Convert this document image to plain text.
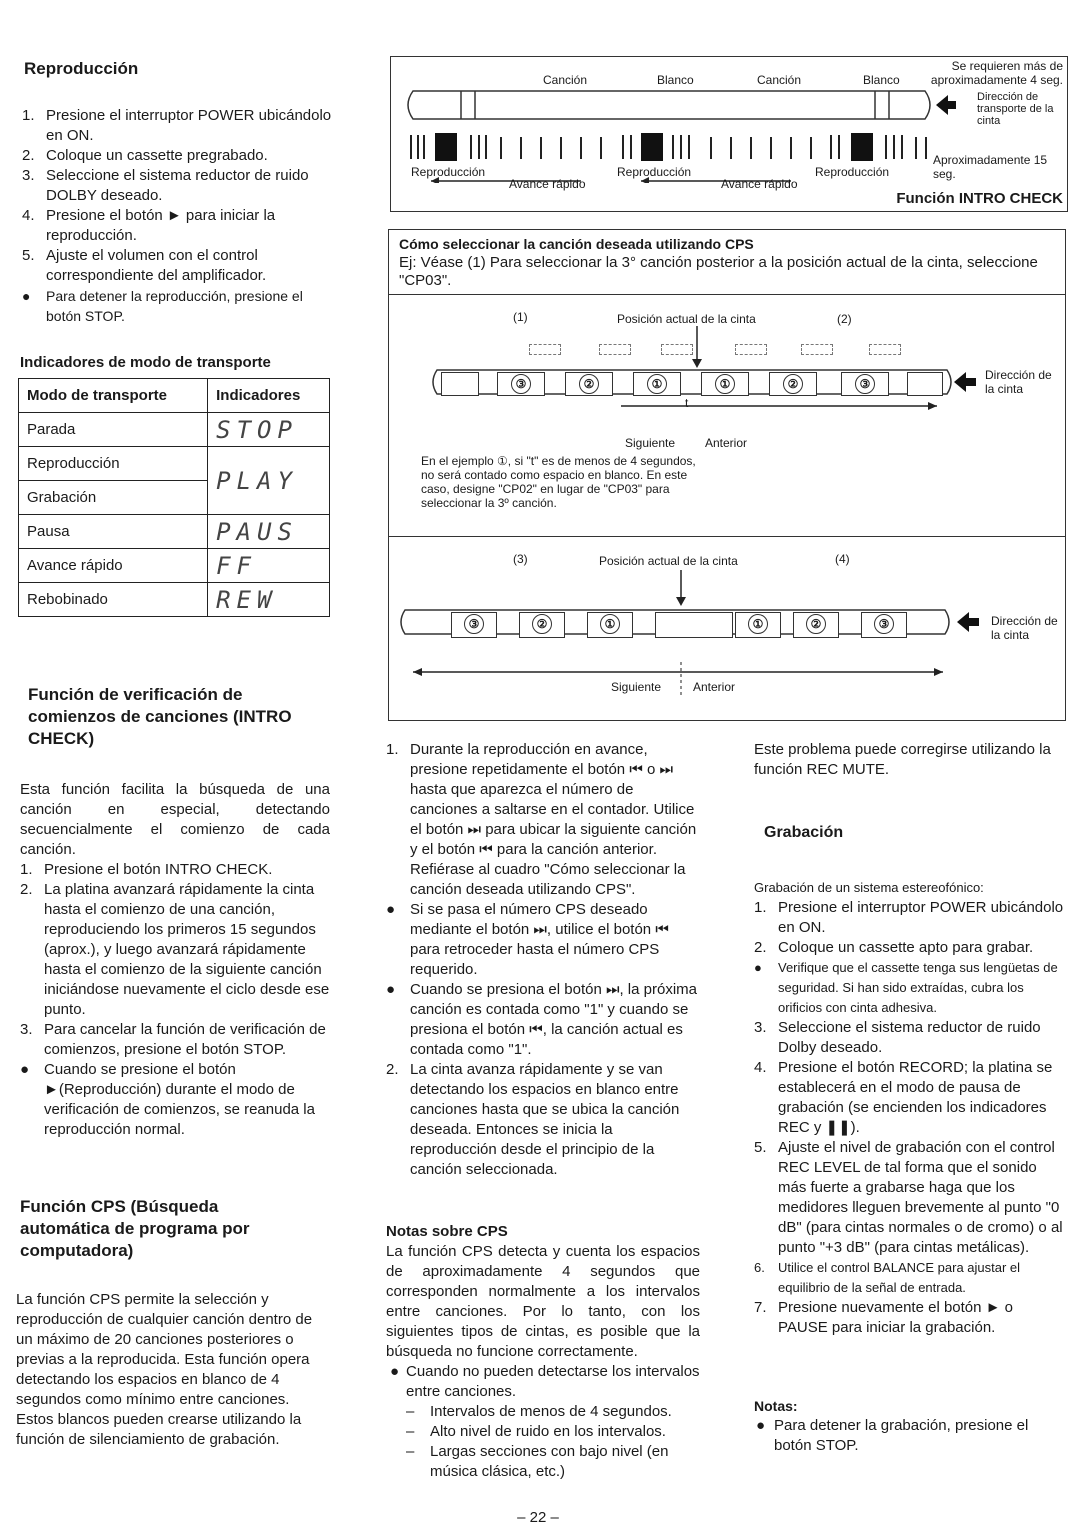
Reproducción
1. Presione el interruptor POWER ubicándolo en ON.
2. Coloque un cassette pregrabado.
3. Seleccione el sistema reductor de ruido DOLBY deseado.
4. Presione el botón ► para iniciar la reproducción.
5. Ajuste el volumen con el control correspondiente del amplificador.
● Para detener la reproducción, presione el botón STOP.
Indicadores de modo de transporte
Modo de transporte	Indicadores
Parada	STOP
Reproducción	PLAY
Grabación	
Pausa	PAUS
Avance rápido	FF
Rebobinado	REW
Función de verificación de comienzos de canciones (INTRO CHECK)

Esta función facilita la búsqueda de una canción en especial, detectando secuencialmente el comienzo de cada canción.

1. Presione el botón INTRO CHECK.
2. La platina avanzará rápidamente la cinta hasta el comienzo de una canción, reproduciendo los primeros 15 segundos (aprox.), y luego avanzará rápidamente hasta el comienzo de la siguiente canción iniciándose nuevamente el ciclo desde ese punto.
3. Para cancelar la función de verificación de comienzos, presione el botón STOP.
● Cuando se presione el botón ►(Reproducción) durante el modo de verificación de comienzos, se reanuda la reproducción normal.
Función CPS (Búsqueda automática de programa por computadora)

La función CPS permite la selección y reproducción de cualquier canción dentro de un máximo de 20 canciones posteriores o previas a la reproducida. Esta función opera detectando los espacios en blanco de 4 segundos como mínimo entre canciones. Estos blancos pueden crearse utilizando la función de silenciamiento de grabación.

Se requieren más de aproximadamente 4 seg.
Canción	Blanco	Canción	Blanco
Dirección de transporte de la cinta
Reproducción
Avance rápido
Reproducción
Avance rápido
Reproducción
Aproximadamente 15 seg.
Función INTRO CHECK
Cómo seleccionar la canción deseada utilizando CPS
Ej: Véase (1) Para seleccionar la 3° canción posterior a la posición actual de la cinta, seleccione "CP03".
(1)	Posición actual de la cinta	(2)
③	②	①	①	②	③
Dirección de la cinta
t
Siguiente Anterior
En el ejemplo ①, si "t" es de menos de 4 segundos, no será contado como espacio en blanco. En este caso, designe "CP02" en lugar de "CP03" para seleccionar la 3º canción.
(3)	Posición actual de la cinta	(4)
③	②	①	①	②	③	Dirección de la cinta
Siguiente	Anterior
1. Durante la reproducción en avance, presione repetidamente el botón ⏮ o ⏭ hasta que aparezca el número de canciones a saltarse en el contador. Utilice el botón ⏭ para ubicar la siguiente canción y el botón ⏮ para la canción anterior. Refiérase al cuadro "Cómo seleccionar la canción deseada utilizando CPS".
● Si se pasa el número CPS deseado mediante el botón ⏭, utilice el botón ⏮ para retroceder hasta el número CPS requerido.
● Cuando se presiona el botón ⏭, la próxima canción es contada como "1" y cuando se presiona el botón ⏮, la canción actual es contada como "1".
2. La cinta avanza rápidamente y se van detectando los espacios en blanco entre canciones hasta que se ubica la canción deseada. Entonces se inicia la reproducción desde el principio de la canción seleccionada.
Notas sobre CPS

La función CPS detecta y cuenta los espacios de aproximadamente 4 segundos que corresponden normalmente a los intervalos entre canciones. Por lo tanto, con los siguientes tipos de cintas, es posible que la búsqueda no funcione correctamente.

● Cuando no pueden detectarse los intervalos entre canciones.
– Intervalos de menos de 4 segundos.
– Alto nivel de ruido en los intervalos.
– Largas secciones con bajo nivel (en música clásica, etc.)

Este problema puede corregirse utilizando la función REC MUTE.

Grabación
Grabación de un sistema estereofónico:
1. Presione el interruptor POWER ubicándolo en ON.
2. Coloque un cassette apto para grabar.
● Verifique que el cassette tenga sus lengüetas de seguridad. Si han sido extraídas, cubra los orificios con cinta adhesiva.
3. Seleccione el sistema reductor de ruido Dolby deseado.
4. Presione el botón RECORD; la platina se establecerá en el modo de pausa de grabación (se encienden los indicadores REC y ❚❚).
5. Ajuste el nivel de grabación con el control REC LEVEL de tal forma que el sonido más fuerte a grabarse haga que los medidores lleguen brevemente al punto "0 dB" (para cintas normales o de cromo) o al punto "+3 dB" (para cintas metálicas).
6. Utilice el control BALANCE para ajustar el equilibrio de la señal de entrada.
7. Presione nuevamente el botón ► o PAUSE para iniciar la grabación.
Notas:
● Para detener la grabación, presione el botón STOP.
– 22 –
